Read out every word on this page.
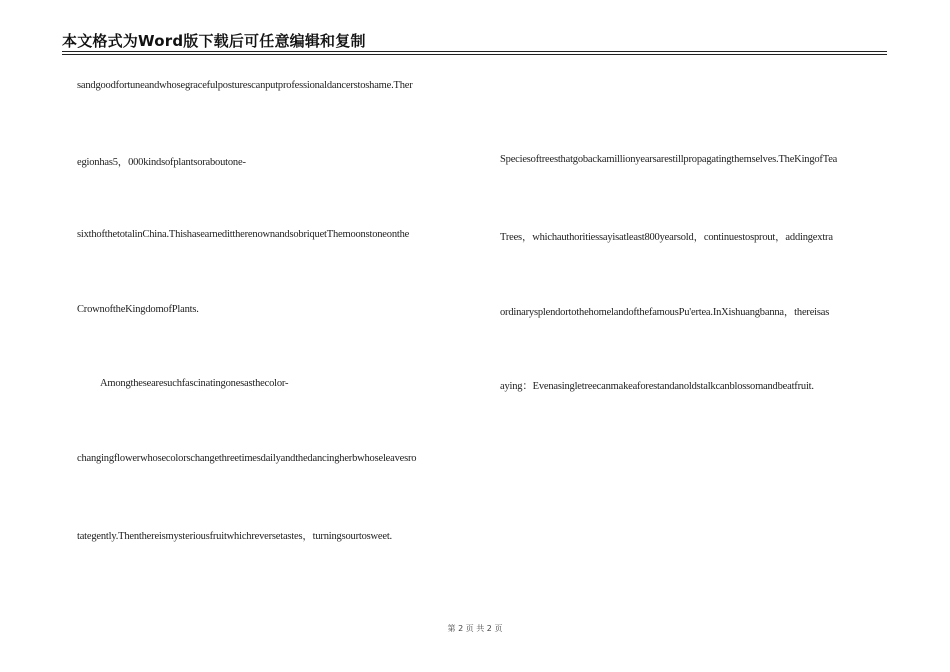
本文格式为Word版下载后可任意编辑和复制
sandgoodfortuneandwhosegracefulposturescanputprofessionaldancerstoshame.Ther
egionhas5，000kindsofplantsoraboutone-
sixthofthetotalinChina.ThishasearnedittherenownandsobriquetThemoonstoneonthe
CrownoftheKingdomofPlants.
Amongthesearesuchfascinatingonesasthecolor-
changingflowerwhosecolorschangethreetimesdailyandthedancingherbwhoseleavesro
tategently.Thenthereismysteriousfruitwhichreversetastes，turningsourtosweet.
Speciesoftreesthatgobackamillionyearsarestillpropagatingthemselves.TheKingofTea
Trees，whichauthoritiessayisatleast800yearsold，continuestosprout，addingextra
ordinarysplendortothehomelandofthefamousPu'ertea.InXishuangbanna，thereisas
aying：Evenasingletreecanmakeaforestandanoldstalkcanblossomandbeatfruit.
第 2 页 共 2 页
